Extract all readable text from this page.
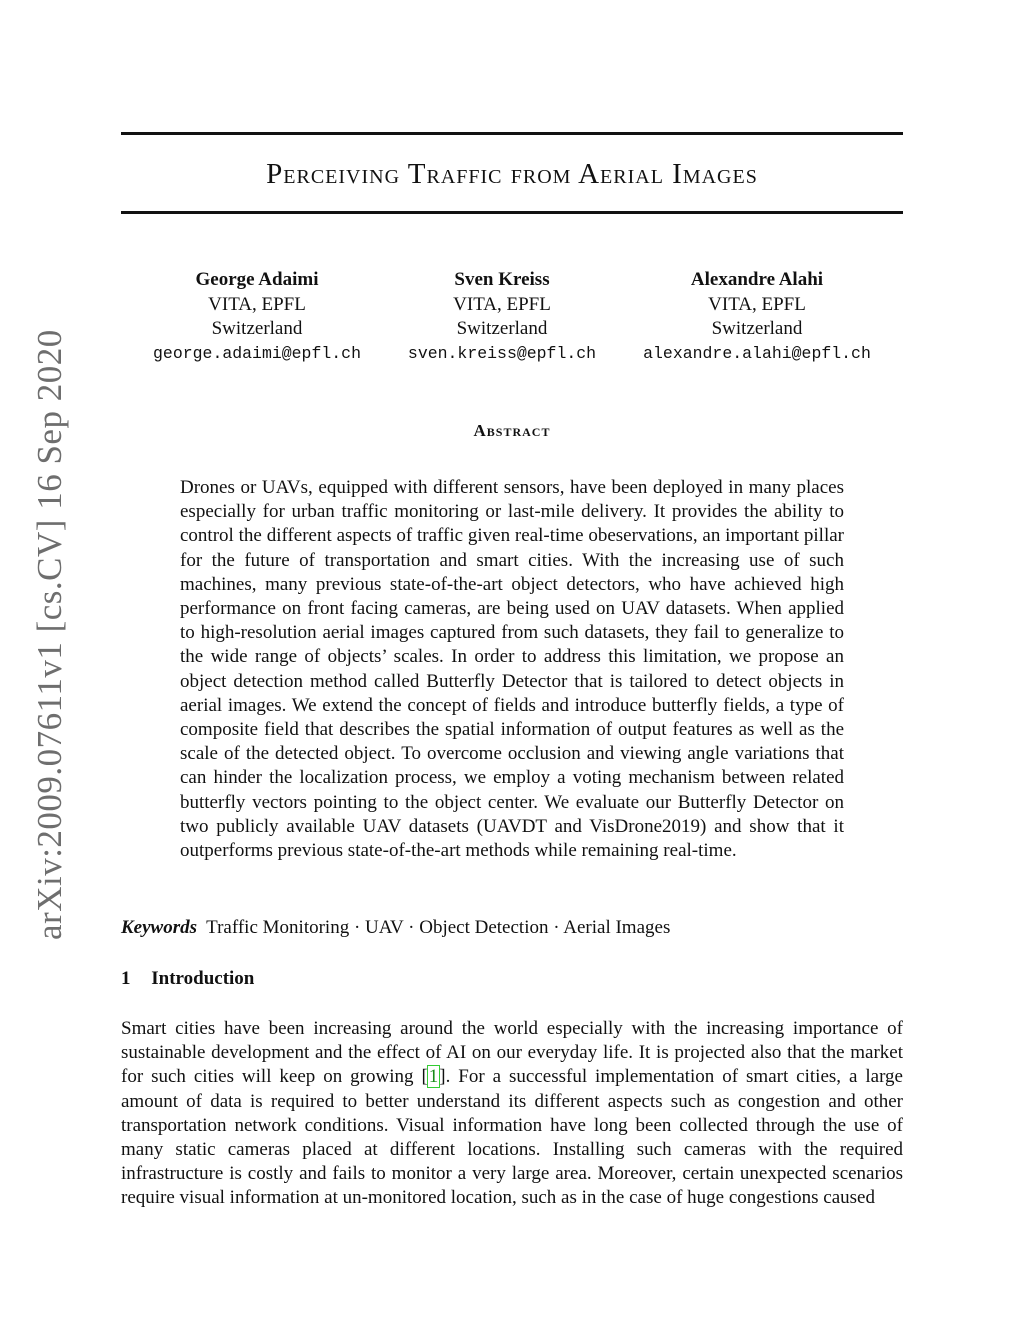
Perceiving Traffic from Aerial Images
arXiv:2009.07611v1 [cs.CV] 16 Sep 2020
George Adaimi
VITA, EPFL
Switzerland
george.adaimi@epfl.ch
Sven Kreiss
VITA, EPFL
Switzerland
sven.kreiss@epfl.ch
Alexandre Alahi
VITA, EPFL
Switzerland
alexandre.alahi@epfl.ch
Abstract

Drones or UAVs, equipped with different sensors, have been deployed in many places especially for urban traffic monitoring or last-mile delivery. It provides the ability to control the different aspects of traffic given real-time obeservations, an important pillar for the future of transportation and smart cities. With the increasing use of such machines, many previous state-of-the-art object detectors, who have achieved high performance on front facing cameras, are being used on UAV datasets. When applied to high-resolution aerial images captured from such datasets, they fail to generalize to the wide range of objects’ scales. In order to address this limitation, we propose an object detection method called Butterfly Detector that is tailored to detect objects in aerial images. We extend the concept of fields and introduce butterfly fields, a type of composite field that describes the spatial information of output features as well as the scale of the detected object. To overcome occlusion and viewing angle variations that can hinder the localization process, we employ a voting mechanism between related butterfly vectors pointing to the object center. We evaluate our Butterfly Detector on two publicly available UAV datasets (UAVDT and VisDrone2019) and show that it outperforms previous state-of-the-art methods while remaining real-time.

Keywords Traffic Monitoring · UAV · Object Detection · Aerial Images
1 Introduction

Smart cities have been increasing around the world especially with the increasing importance of sustainable development and the effect of AI on our everyday life. It is projected also that the market for such cities will keep on growing [1]. For a successful implementation of smart cities, a large amount of data is required to better understand its different aspects such as congestion and other transportation network conditions. Visual information have long been collected through the use of many static cameras placed at different locations. Installing such cameras with the required infrastructure is costly and fails to monitor a very large area. Moreover, certain unexpected scenarios require visual information at un-monitored location, such as in the case of huge congestions caused
